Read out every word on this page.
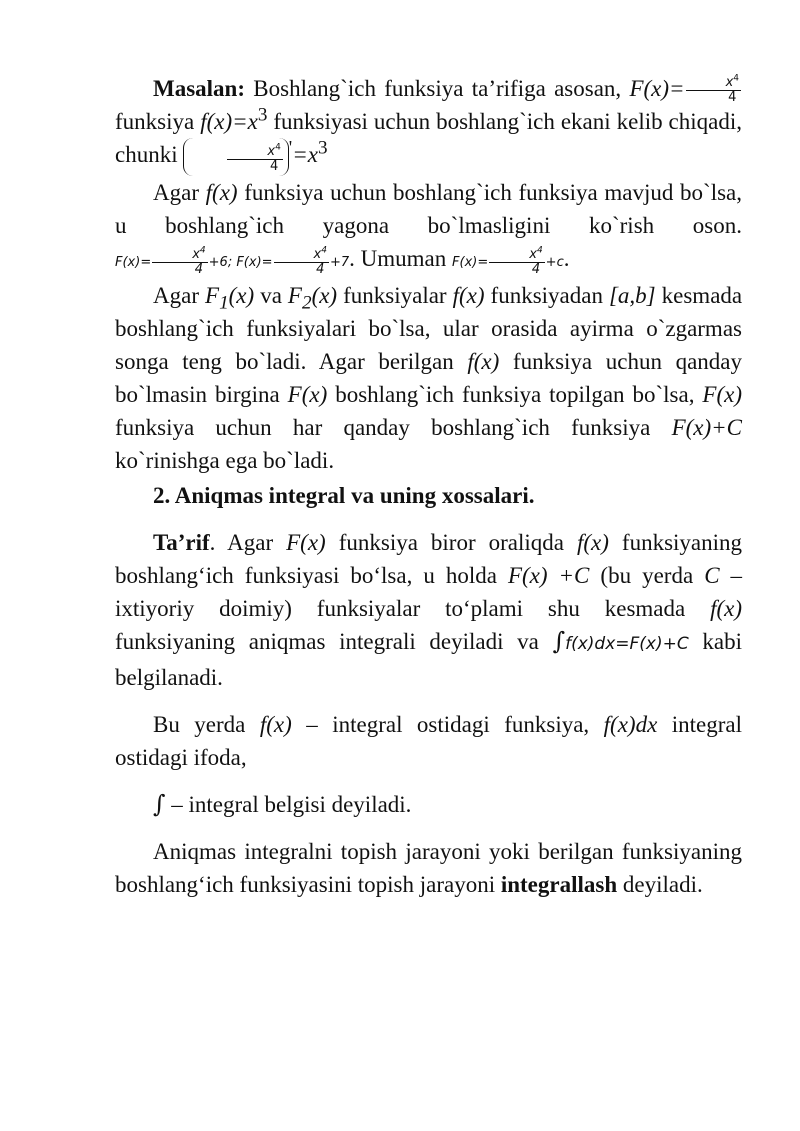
Masalan: Boshlang`ich funksiya ta’rifiga asosan, $F(x)= \frac{x^4}{4}$
funksiya $f(x)=x^3$ funksiyasi uchun boshlang`ich ekani kelib chiqadi, chunki	$\frac{x^4}{4} '=x^3$

Agar f(x) funksiya uchun boshlang`ich funksiya mavjud bo`lsa, u boshlang`ich yagona bo`lmasligini ko`rish oson. $F(x)= \frac{x^4}{4} +6$; $F(x)= \frac{x^4}{4} +7$. Umuman $F(x)= \frac{x^4}{4} +c$.

Agar $F_1(x)$ va $F_2(x)$ funksiyalar f(x) funksiyadan [a,b] kesmada boshlang`ich funksiyalari bo`lsa, ular orasida ayirma o`zgarmas songa teng bo`ladi. Agar berilgan f(x) funksiya uchun qanday bo`lmasin birgina F(x) boshlang`ich funksiya topilgan bo`lsa, F(x) funksiya uchun har qanday boshlang`ich funksiya F(x)+C ko`rinishga ega bo`ladi.

2. Aniqmas integral va uning xossalari.

Ta’rif. Agar F(x) funksiya biror oraliqda f(x) funksiyaning boshlang‘ich funksiyasi bo‘lsa, u holda F(x) +C (bu yerda C – ixtiyoriy doimiy) funksiyalar to‘plami shu kesmada f(x) funksiyaning aniqmas integrali deyiladi va ∫f(x)dx=F(x)+C kabi belgilanadi.

Bu yerda f(x) – integral ostidagi funksiya, f(x)dx integral ostidagi ifoda,

∫ – integral belgisi deyiladi.

Aniqmas integralni topish jarayoni yoki berilgan funksiyaning boshlang‘ich funksiyasini topish jarayoni integrallash deyiladi.
